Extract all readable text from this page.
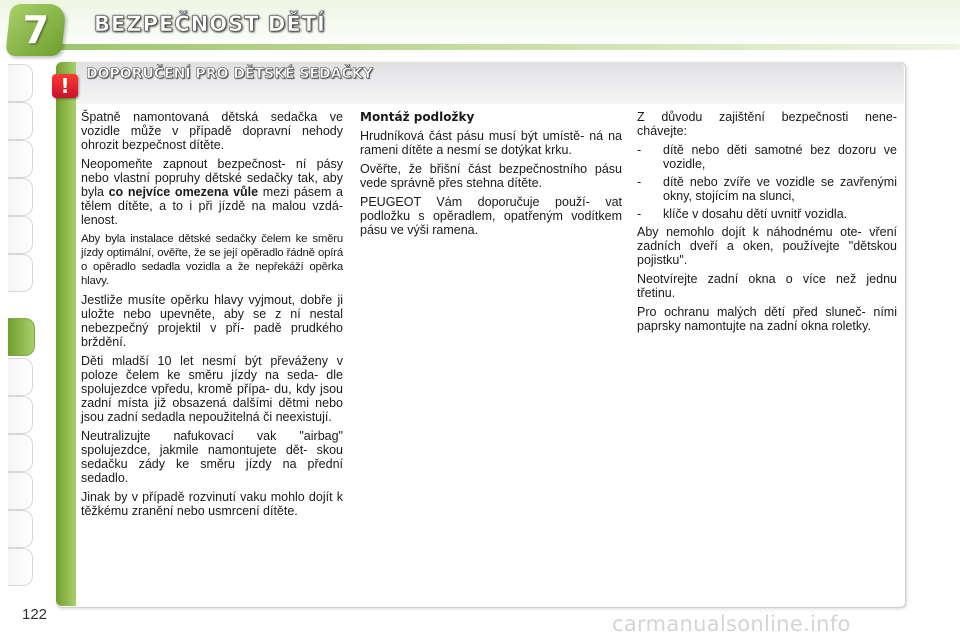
7	BEZPEČNOST DĚTÍ
!	DOPORUČENÍ PRO DĚTSKÉ SEDAČKY

Špatně namontovaná dětská sedačka ve vozidle může v případě dopravní nehody ohrozit bezpečnost dítěte.

Neopomeňte zapnout bezpečnost- ní pásy nebo vlastní popruhy dětské sedačky tak, aby byla co nejvíce omezena vůle mezi pásem a tělem dítěte, a to i při jízdě na malou vzdá- lenost.

Aby byla instalace dětské sedačky čelem ke směru jízdy optimální, ověřte, že se její opěradlo řádně opírá o opěradlo sedadla vozidla a že nepřekáží opěrka hlavy.

Jestliže musíte opěrku hlavy vyjmout, dobře ji uložte nebo upevněte, aby se z ní nestal nebezpečný projektil v pří- padě prudkého brždění.

Děti mladší 10 let nesmí být převáženy v poloze čelem ke směru jízdy na seda- dle spolujezdce vpředu, kromě přípa- du, kdy jsou zadní místa již obsazená dalšími dětmi nebo jsou zadní sedadla nepoužitelná či neexistují.

Neutralizujte nafukovací vak "airbag" spolujezdce, jakmile namontujete dět- skou sedačku zády ke směru jízdy na přední sedadlo.

Jinak by v případě rozvinutí vaku mohlo dojít k těžkému zranění nebo usmrcení dítěte.

Montáž podložky

Hrudníková část pásu musí být umístě- ná na rameni dítěte a nesmí se dotýkat krku.

Ověřte, že břišní část bezpečnostního pásu vede správně přes stehna dítěte.

PEUGEOT Vám doporučuje použí- vat podložku s opěradlem, opatřeným vodítkem pásu ve výši ramena.

Z důvodu zajištění bezpečnosti nene- chávejte:

-	dítě nebo děti samotné bez dozoru ve vozidle,
-	dítě nebo zvíře ve vozidle se zavřenými okny, stojícím na slunci,
-	klíče v dosahu dětí uvnitř vozidla.

Aby nemohlo dojít k náhodnému ote- vření zadních dveří a oken, používejte "dětskou pojistku".

Neotvírejte zadní okna o více než jednu třetinu.

Pro ochranu malých dětí před sluneč- ními paprsky namontujte na zadní okna roletky.

122	carmanualsonline.info
